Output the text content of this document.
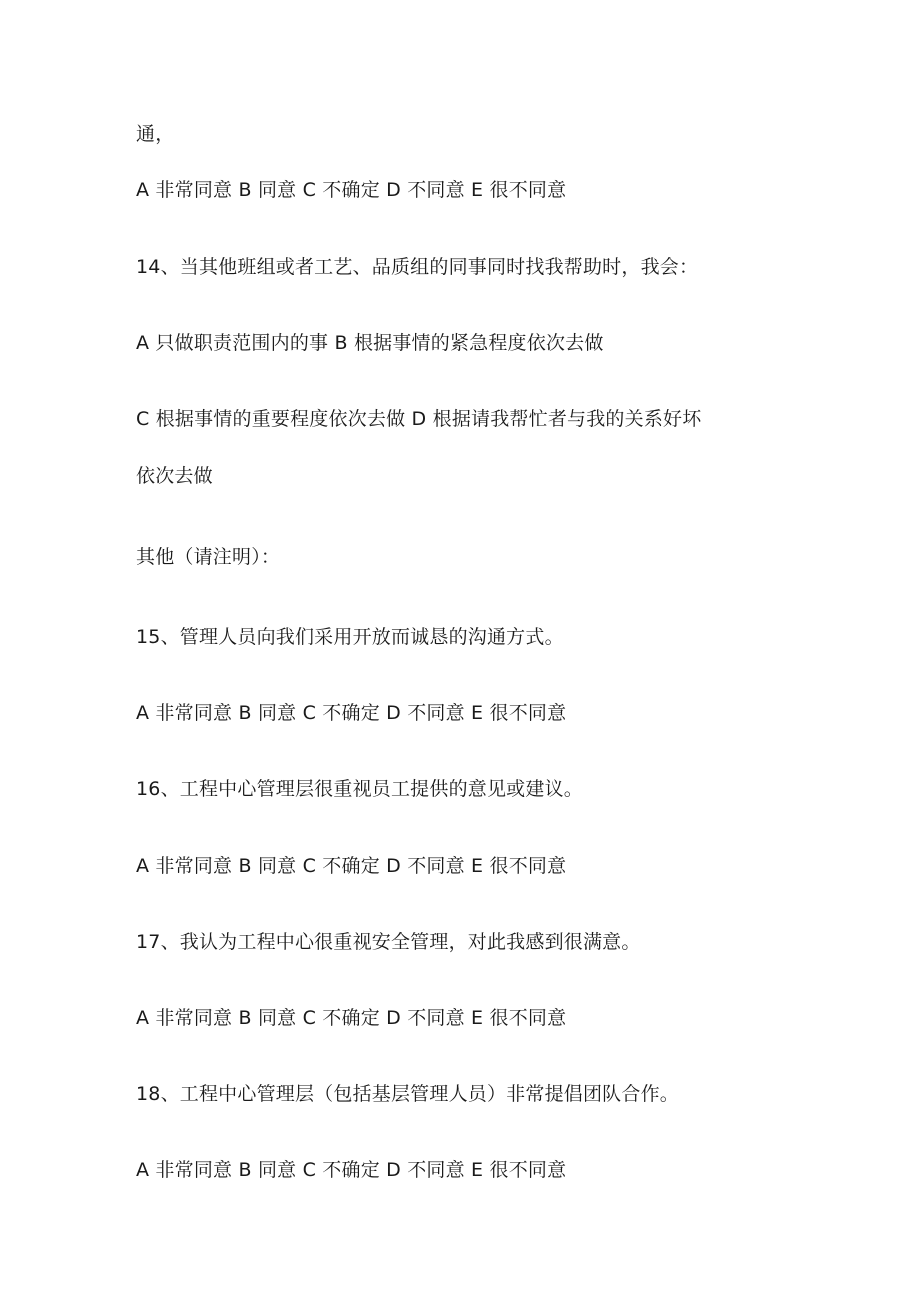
通，
A 非常同意 B 同意 C 不确定 D 不同意 E 很不同意
14、当其他班组或者工艺、品质组的同事同时找我帮助时，我会：
A 只做职责范围内的事 B 根据事情的紧急程度依次去做
C 根据事情的重要程度依次去做 D 根据请我帮忙者与我的关系好坏
依次去做
其他（请注明）：
15、管理人员向我们采用开放而诚恳的沟通方式。
A 非常同意 B 同意 C 不确定 D 不同意 E 很不同意
16、工程中心管理层很重视员工提供的意见或建议。
A 非常同意 B 同意 C 不确定 D 不同意 E 很不同意
17、我认为工程中心很重视安全管理，对此我感到很满意。
A 非常同意 B 同意 C 不确定 D 不同意 E 很不同意
18、工程中心管理层（包括基层管理人员）非常提倡团队合作。
A 非常同意 B 同意 C 不确定 D 不同意 E 很不同意
